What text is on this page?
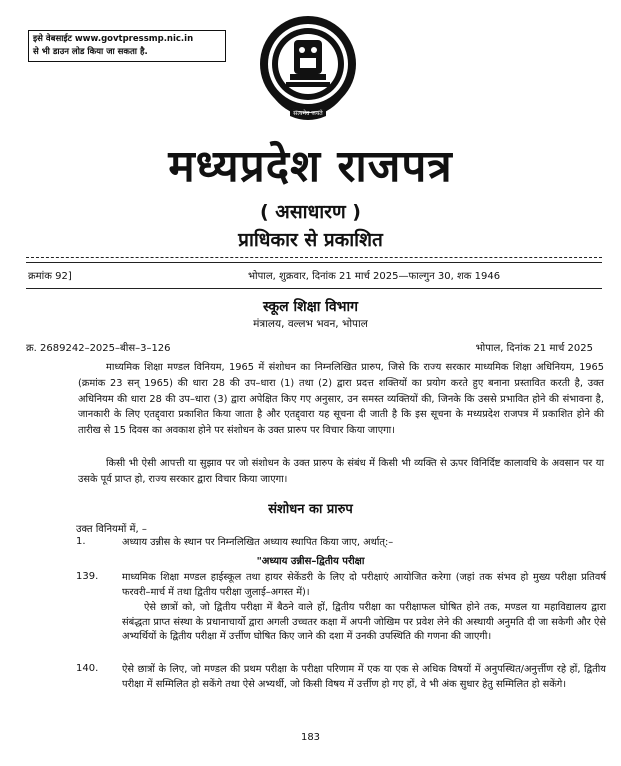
इसे वेबसाईट www.govtpressmp.nic.in
से भी डाउन लोड किया जा सकता है.
सत्यमेव जयते
मध्यप्रदेश राजपत्र
( असाधारण )
प्राधिकार से प्रकाशित
क्रमांक 92]	भोपाल, शुक्रवार, दिनांक 21 मार्च 2025—फाल्गुन 30, शक 1946
स्कूल शिक्षा विभाग
मंत्रालय, वल्लभ भवन, भोपाल
क्र. 2689242–2025–बीस–3–126	भोपाल, दिनांक 21 मार्च 2025
माध्यमिक शिक्षा मण्डल विनियम, 1965 में संशोधन का निम्नलिखित प्रारुप, जिसे कि राज्य सरकार माध्यमिक शिक्षा अधिनियम, 1965 (क्रमांक 23 सन् 1965) की धारा 28 की उप–धारा (1) तथा (2) द्वारा प्रदत्त शक्तियों का प्रयोग करते हुए बनाना प्रस्तावित करती है, उक्त अधिनियम की धारा 28 की उप–धारा (3) द्वारा अपेक्षित किए गए अनुसार, उन समस्त व्यक्तियों की, जिनके कि उससे प्रभावित होने की संभावना है, जानकारी के लिए एतद्द्वारा प्रकाशित किया जाता है और एतद्द्वारा यह सूचना दी जाती है कि इस सूचना के मध्यप्रदेश राजपत्र में प्रकाशित होने की तारीख से 15 दिवस का अवकाश होने पर संशोधन के उक्त प्रारुप पर विचार किया जाएगा।
किसी भी ऐसी आपत्ती या सुझाव पर जो संशोधन के उक्त प्रारुप के संबंध में किसी भी व्यक्ति से ऊपर विनिर्दिष्ट कालावधि के अवसान पर या उसके पूर्व प्राप्त हो, राज्य सरकार द्वारा विचार किया जाएगा।
संशोधन का प्रारुप
उक्त विनियमों में, –
1.	अध्याय उन्नीस के स्थान पर निम्नलिखित अध्याय स्थापित किया जाए, अर्थात्:–
"अध्याय उन्नीस–द्वितीय परीक्षा
139. माध्यमिक शिक्षा मण्डल हाईस्कूल तथा हायर सेकेंडरी के लिए दो परीक्षाएं आयोजित करेगा (जहां तक संभव हो मुख्य परीक्षा प्रतिवर्ष फरवरी–मार्च में तथा द्वितीय परीक्षा जुलाई–अगस्त में)।
ऐसे छात्रों को, जो द्वितीय परीक्षा में बैठने वाले हों, द्वितीय परीक्षा का परीक्षाफल घोषित होने तक, मण्डल या महाविद्यालय द्वारा संबंद्धता प्राप्त संस्था के प्रधानाचार्यो द्वारा अगली उच्चतर कक्षा में अपनी जोखिम पर प्रवेश लेने की अस्थायी अनुमति दी जा सकेगी और ऐसे अभ्यर्थियों के द्वितीय परीक्षा में उर्त्तीण घोषित किए जाने की दशा में उनकी उपस्थिति की गणना की जाएगी।
140. ऐसे छात्रों के लिए, जो मण्डल की प्रथम परीक्षा के परीक्षा परिणाम में एक या एक से अधिक विषयों में अनुपस्थित/अनुर्त्तीण रहे हों, द्वितीय परीक्षा में सम्मिलित हो सकेंगे तथा ऐसे अभ्यर्थी, जो किसी विषय में उर्त्तीण हो गए हों, वे भी अंक सुधार हेतु सम्मिलित हो सकेंगे।
183
